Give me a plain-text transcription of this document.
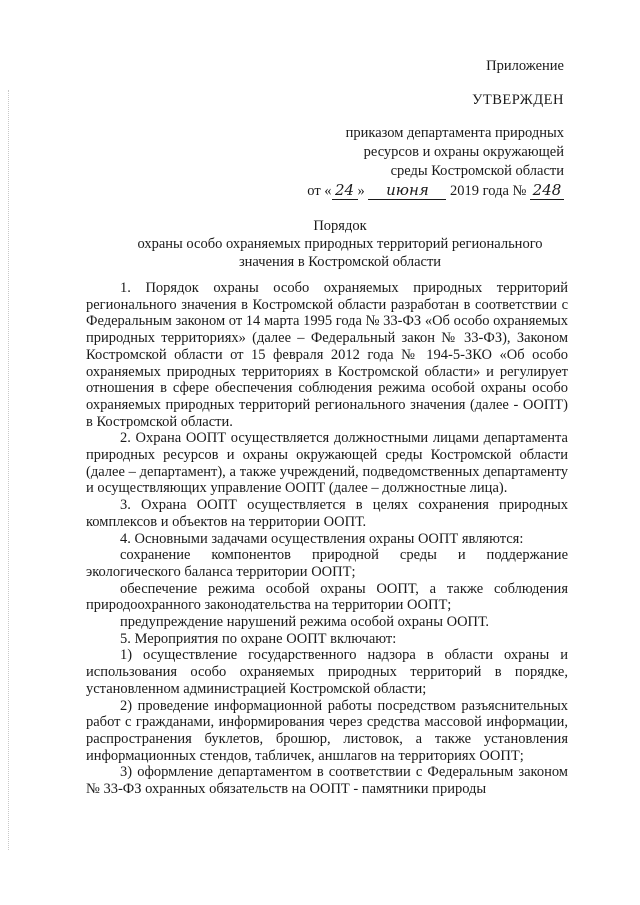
Приложение
УТВЕРЖДЕН
приказом департамента природных
ресурсов и охраны окружающей
среды Костромской области
от « 24 » июня 2019 года № 248
Порядок
охраны особо охраняемых природных территорий регионального
значения в Костромской области

1. Порядок охраны особо охраняемых природных территорий регионального значения в Костромской области разработан в соответствии с Федеральным законом от 14 марта 1995 года № 33-ФЗ «Об особо охраняемых природных территориях» (далее – Федеральный закон № 33-ФЗ), Законом Костромской области от 15 февраля 2012 года № 194-5-ЗКО «Об особо охраняемых природных территориях в Костромской области» и регулирует отношения в сфере обеспечения соблюдения режима особой охраны особо охраняемых природных территорий регионального значения (далее - ООПТ) в Костромской области.

2. Охрана ООПТ осуществляется должностными лицами департамента природных ресурсов и охраны окружающей среды Костромской области (далее – департамент), а также учреждений, подведомственных департаменту и осуществляющих управление ООПТ (далее – должностные лица).

3. Охрана ООПТ осуществляется в целях сохранения природных комплексов и объектов на территории ООПТ.

4. Основными задачами осуществления охраны ООПТ являются:

сохранение компонентов природной среды и поддержание экологического баланса территории ООПТ;

обеспечение режима особой охраны ООПТ, а также соблюдения природоохранного законодательства на территории ООПТ;

предупреждение нарушений режима особой охраны ООПТ.

5. Мероприятия по охране ООПТ включают:

1) осуществление государственного надзора в области охраны и использования особо охраняемых природных территорий в порядке, установленном администрацией Костромской области;

2) проведение информационной работы посредством разъяснительных работ с гражданами, информирования через средства массовой информации, распространения буклетов, брошюр, листовок, а также установления информационных стендов, табличек, аншлагов на территориях ООПТ;

3) оформление департаментом в соответствии с Федеральным законом № 33-ФЗ охранных обязательств на ООПТ - памятники природы
